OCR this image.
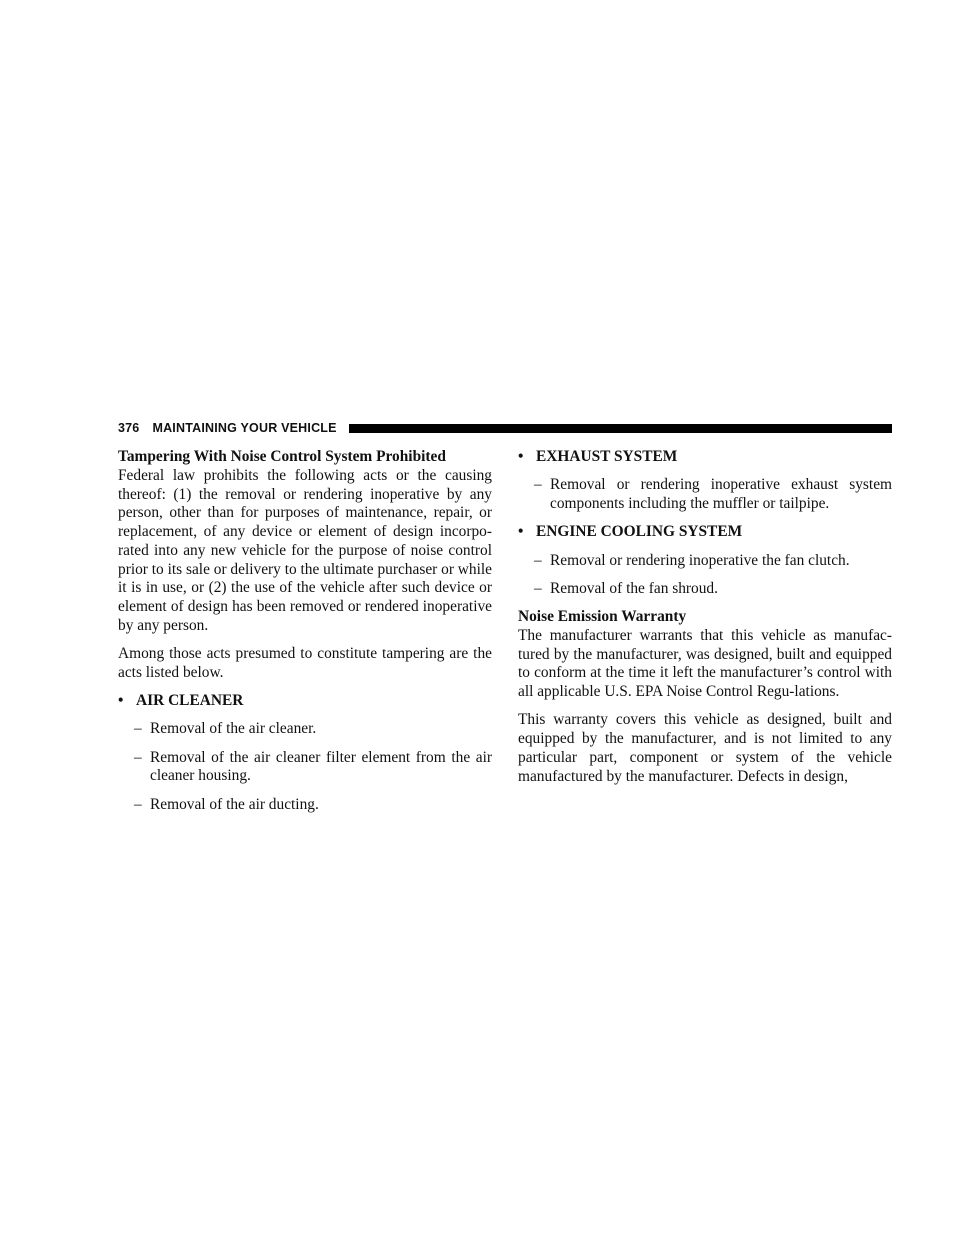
376 MAINTAINING YOUR VEHICLE

Tampering With Noise Control System Prohibited

Federal law prohibits the following acts or the causing thereof: (1) the removal or rendering inoperative by any person, other than for purposes of maintenance, repair, or replacement, of any device or element of design incorpo-rated into any new vehicle for the purpose of noise control prior to its sale or delivery to the ultimate purchaser or while it is in use, or (2) the use of the vehicle after such device or element of design has been removed or rendered inoperative by any person.

Among those acts presumed to constitute tampering are the acts listed below.

• AIR CLEANER
– Removal of the air cleaner.
– Removal of the air cleaner filter element from the air cleaner housing.
– Removal of the air ducting.
• EXHAUST SYSTEM
– Removal or rendering inoperative exhaust system components including the muffler or tailpipe.
• ENGINE COOLING SYSTEM
– Removal or rendering inoperative the fan clutch.
– Removal of the fan shroud.

Noise Emission Warranty

The manufacturer warrants that this vehicle as manufac-tured by the manufacturer, was designed, built and equipped to conform at the time it left the manufacturer’s control with all applicable U.S. EPA Noise Control Regu-lations.

This warranty covers this vehicle as designed, built and equipped by the manufacturer, and is not limited to any particular part, component or system of the vehicle manufactured by the manufacturer. Defects in design,
